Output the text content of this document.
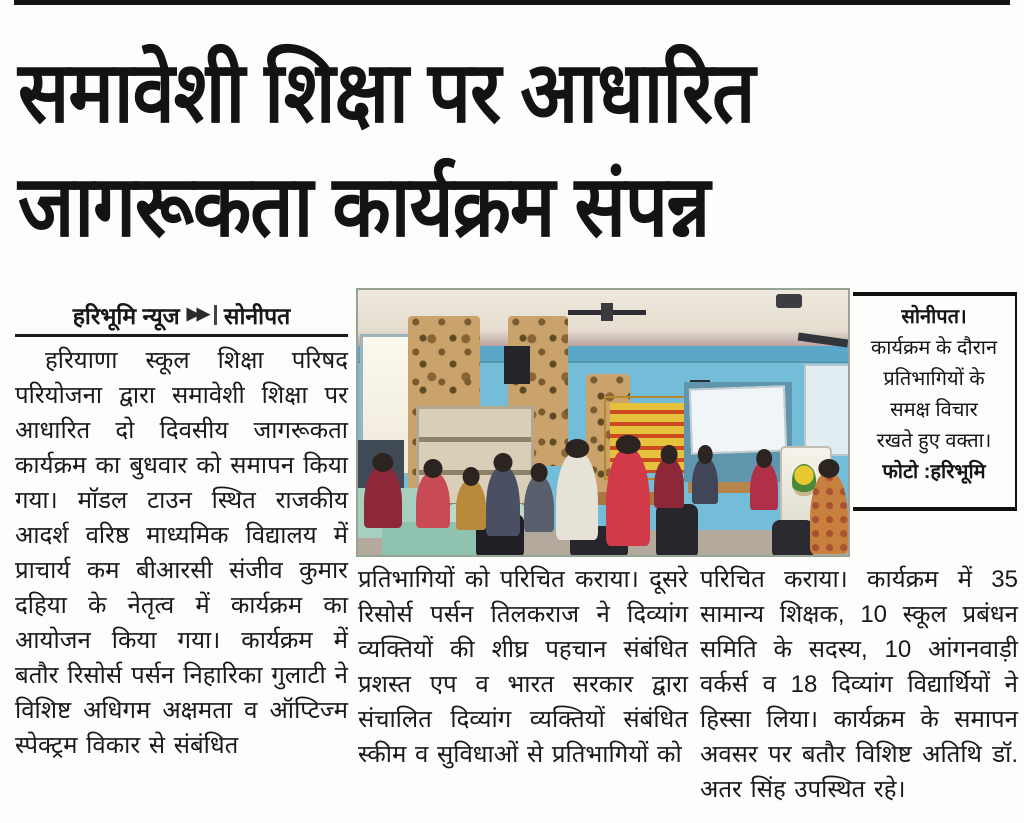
समावेशी शिक्षा पर आधारित
जागरूकता कार्यक्रम संपन्न
हरिभूमि न्यूज ▶▶ सोनीपत
हरियाणा स्कूल शिक्षा परिषद परियोजना द्वारा समावेशी शिक्षा पर आधारित दो दिवसीय जागरूकता कार्यक्रम का बुधवार को समापन किया गया। मॉडल टाउन स्थित राजकीय आदर्श वरिष्ठ माध्यमिक विद्यालय में प्राचार्य कम बीआरसी संजीव कुमार दहिया के नेतृत्व में कार्यक्रम का आयोजन किया गया। कार्यक्रम में बतौर रिसोर्स पर्सन निहारिका गुलाटी ने विशिष्ट अधिगम अक्षमता व ऑप्टिज्म स्पेक्ट्रम विकार से संबंधित
सोनीपत।
कार्यक्रम के दौरान
प्रतिभागियों के
समक्ष विचार
रखते हुए वक्ता।
फोटो :हरिभूमि
प्रतिभागियों को परिचित कराया। दूसरे रिसोर्स पर्सन तिलकराज ने दिव्यांग व्यक्तियों की शीघ्र पहचान संबंधित प्रशस्त एप व भारत सरकार द्वारा संचालित दिव्यांग व्यक्तियों संबंधित स्कीम व सुविधाओं से प्रतिभागियों को
परिचित कराया। कार्यक्रम में 35 सामान्य शिक्षक, 10 स्कूल प्रबंधन समिति के सदस्य, 10 आंगनवाड़ी वर्कर्स व 18 दिव्यांग विद्यार्थियों ने हिस्सा लिया। कार्यक्रम के समापन अवसर पर बतौर विशिष्ट अतिथि डॉ. अतर सिंह उपस्थित रहे।
